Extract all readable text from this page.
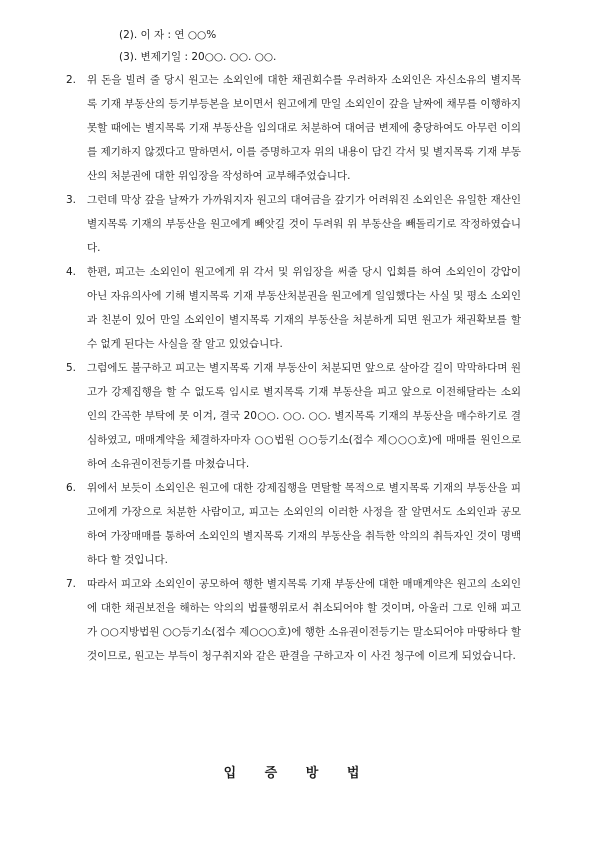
(2). 이 자 : 연 ○○%
(3). 변제기일 : 20○○. ○○. ○○.
2.	위 돈을 빌려 줄 당시 원고는 소외인에 대한 채권회수를 우려하자 소외인은 자신소유의 별지목록 기재 부동산의 등기부등본을 보이면서 원고에게 만일 소외인이 갚을 날짜에 채무를 이행하지 못할 때에는 별지목록 기재 부동산을 임의대로 처분하여 대여금 변제에 충당하여도 아무런 이의를 제기하지 않겠다고 말하면서, 이를 증명하고자 위의 내용이 담긴 각서 및 별지목록 기재 부동산의 처분권에 대한 위임장을 작성하여 교부해주었습니다.
3.	그런데 막상 갚을 날짜가 가까워지자 원고의 대여금을 갚기가 어려워진 소외인은 유일한 재산인 별지목록 기재의 부동산을 원고에게 빼앗길 것이 두려워 위 부동산을 빼돌리기로 작정하였습니다.
4.	한편, 피고는 소외인이 원고에게 위 각서 및 위임장을 써줄 당시 입회를 하여 소외인이 강압이 아닌 자유의사에 기해 별지목록 기재 부동산처분권을 원고에게 일임했다는 사실 및 평소 소외인과 친분이 있어 만일 소외인이 별지목록 기재의 부동산을 처분하게 되면 원고가 채권확보를 할 수 없게 된다는 사실을 잘 알고 있었습니다.
5.	그럼에도 불구하고 피고는 별지목록 기재 부동산이 처분되면 앞으로 살아갈 길이 막막하다며 원고가 강제집행을 할 수 없도록 임시로 별지목록 기재 부동산을 피고 앞으로 이전해달라는 소외인의 간곡한 부탁에 못 이겨, 결국 20○○. ○○. ○○. 별지목록 기재의 부동산을 매수하기로 결심하였고, 매매계약을 체결하자마자 ○○법원 ○○등기소(접수 제○○○호)에 매매를 원인으로 하여 소유권이전등기를 마쳤습니다.
6.	위에서 보듯이 소외인은 원고에 대한 강제집행을 면탈할 목적으로 별지목록 기재의 부동산을 피고에게 가장으로 처분한 사람이고, 피고는 소외인의 이러한 사정을 잘 알면서도 소외인과 공모하여 가장매매를 통하여 소외인의 별지목록 기재의 부동산을 취득한 악의의 취득자인 것이 명백하다 할 것입니다.
7.	따라서 피고와 소외인이 공모하여 행한 별지목록 기재 부동산에 대한 매매계약은 원고의 소외인에 대한 채권보전을 해하는 악의의 법률행위로서 취소되어야 할 것이며, 아울러 그로 인해 피고가 ○○지방법원 ○○등기소(접수 제○○○호)에 행한 소유권이전등기는 말소되어야 마땅하다 할 것이므로, 원고는 부득이 청구취지와 같은 판결을 구하고자 이 사건 청구에 이르게 되었습니다.
입 증 방 법
